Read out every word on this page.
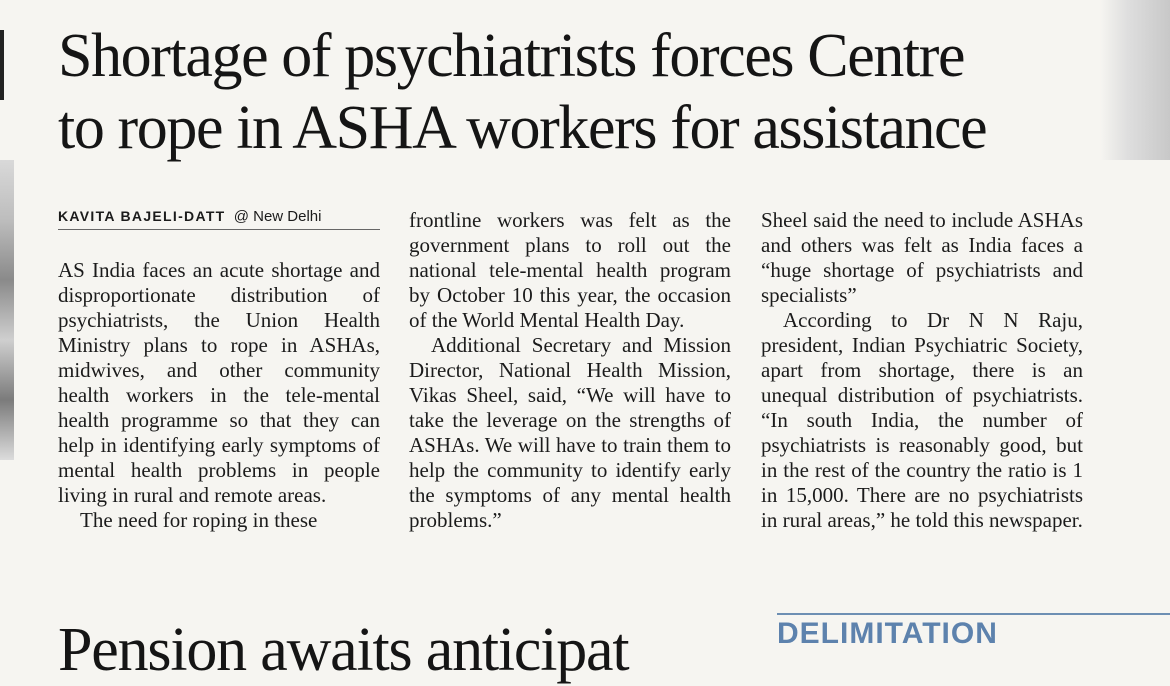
Shortage of psychiatrists forces Centre
to rope in ASHA workers for assistance
KAVITA BAJELI-DATT @ New Delhi

AS India faces an acute shortage and disproportionate distribution of psychiatrists, the Union Health Ministry plans to rope in ASHAs, midwives, and other community health workers in the tele-mental health programme so that they can help in identifying early symptoms of mental health problems in people living in rural and remote areas.

The need for roping in these

frontline workers was felt as the government plans to roll out the national tele-mental health program by October 10 this year, the occasion of the World Mental Health Day.

Additional Secretary and Mission Director, National Health Mission, Vikas Sheel, said, “We will have to take the leverage on the strengths of ASHAs. We will have to train them to help the community to identify early the symptoms of any mental health problems.”

Sheel said the need to include ASHAs and others was felt as India faces a “huge shortage of psychiatrists and specialists”

According to Dr N N Raju, president, Indian Psychiatric Society, apart from shortage, there is an unequal distribution of psychiatrists. “In south India, the number of psychiatrists is reasonably good, but in the rest of the country the ratio is 1 in 15,000. There are no psychiatrists in rural areas,” he told this newspaper.

Pension awaits anticipat	DELIMITATION
